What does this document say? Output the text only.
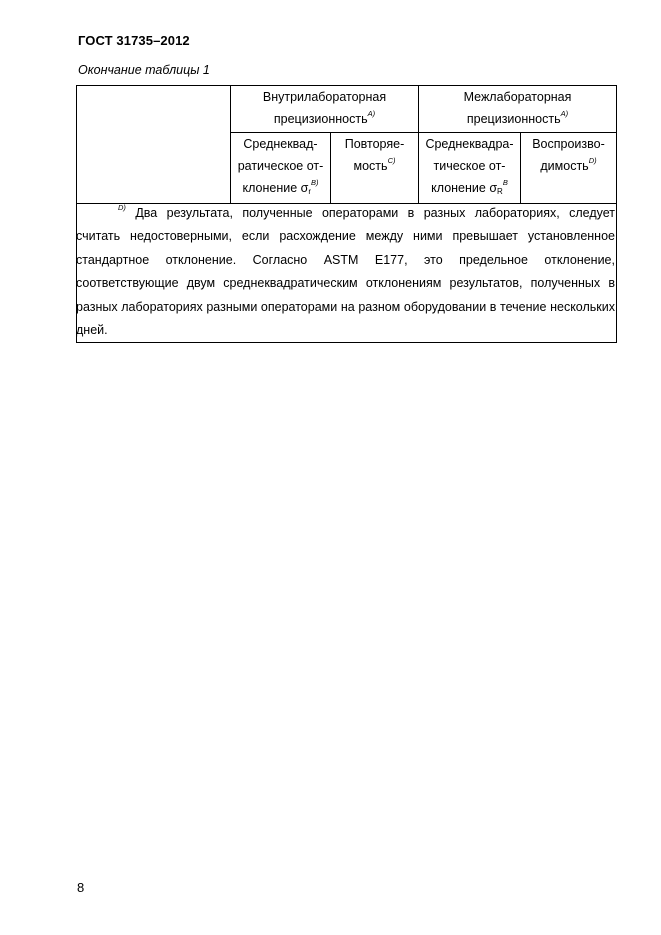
ГОСТ 31735–2012
Окончание таблицы 1
Внутрилабораторная
прецизионность$^{A)}$
Межлабораторная
прецизионность$^{A)}$
Среднеквад-
ратическое от-
клонение $\sigma_r^{B)}$
Повторяе-
мость$^{C)}$
Среднеквадра-
тическое от-
клонение $\sigma_R^B$
Воспроизво-
димость$^{D)}$
$^{D)}$ Два результата, полученные операторами в разных лабораториях, следует считать недостоверными, если расхождение между ними превышает установленное стандартное отклонение. Согласно ASTM E177, это предельное отклонение, соответствующие двум среднеквадратическим отклонениям результатов, полученных в разных лабораториях разными операторами на разном оборудовании в течение нескольких дней.
8
